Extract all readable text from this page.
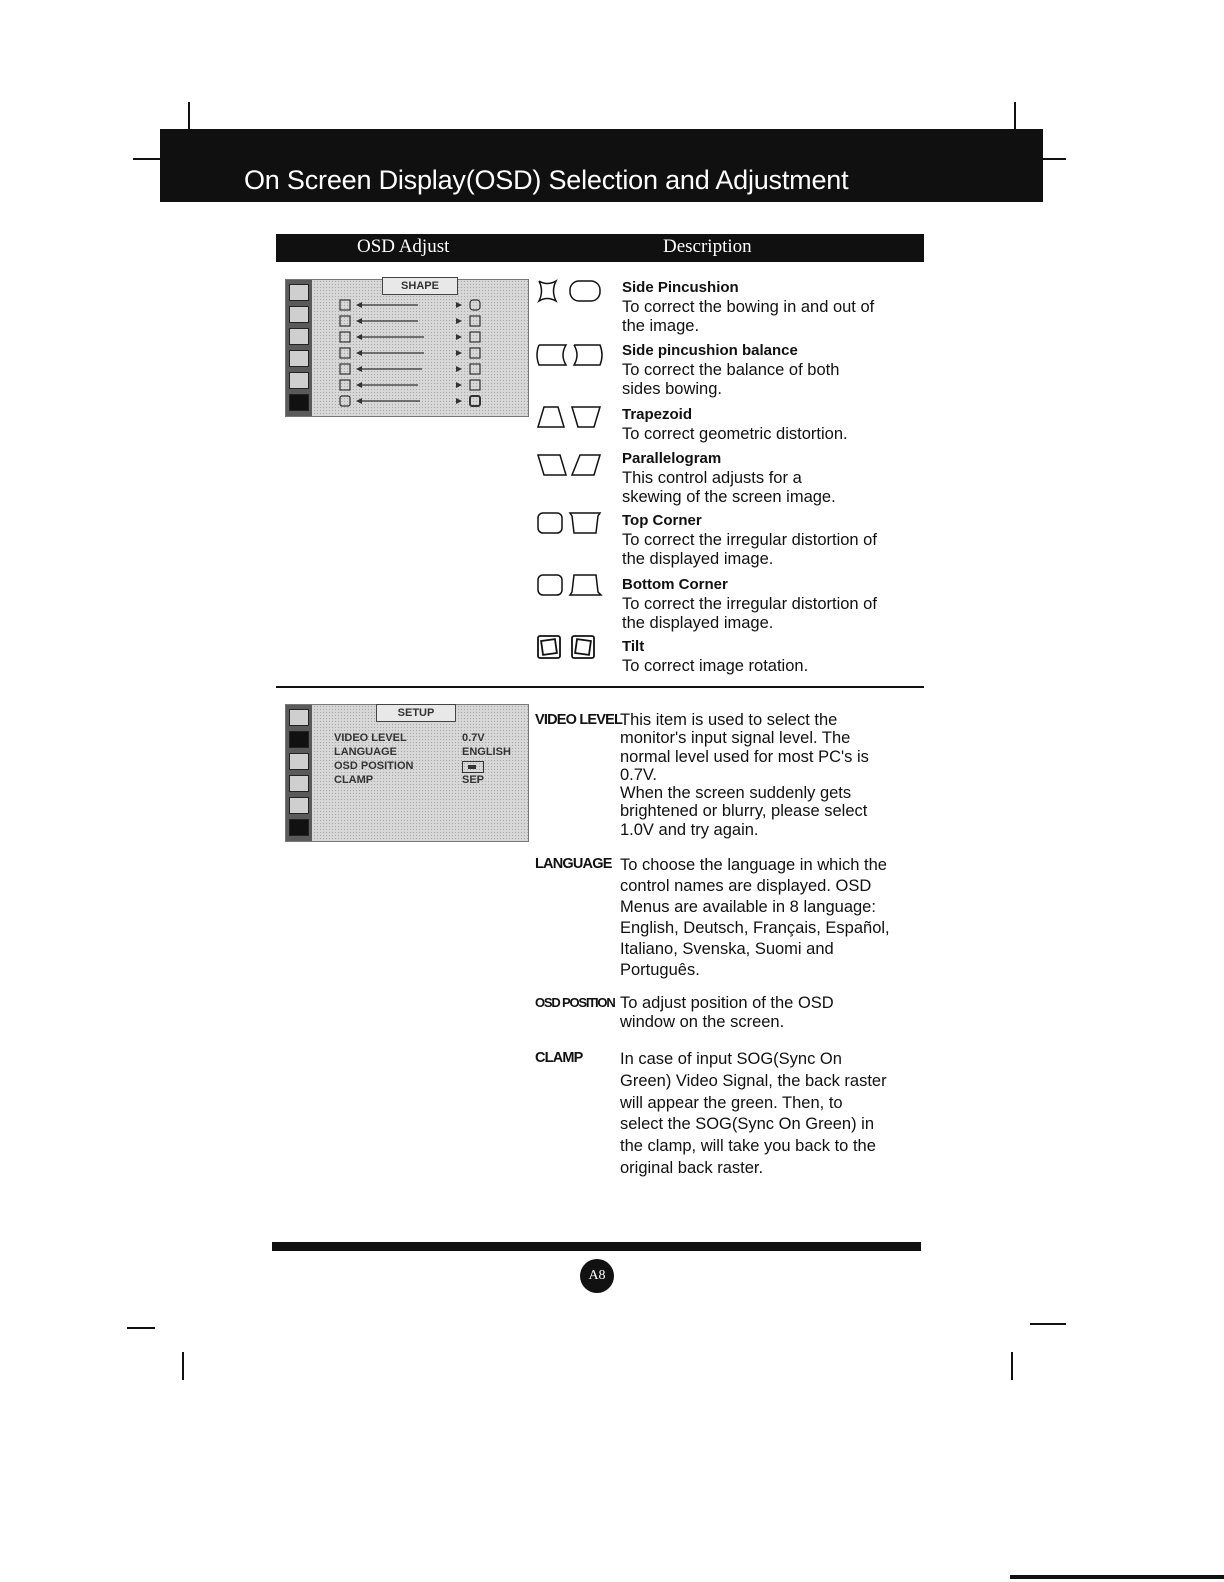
On Screen Display(OSD) Selection and Adjustment
OSD Adjust	Description
SHAPE	Side Pincushion
To correct the bowing in and out of the image.
Side pincushion balance
To correct the balance of both sides bowing.
Trapezoid
To correct geometric distortion.
Parallelogram
This control adjusts for a skewing of the screen image.
Top Corner
To correct the irregular distortion of the displayed image.
Bottom Corner
To correct the irregular distortion of the displayed image.
Tilt
To correct image rotation.
SETUP
VIDEO LEVEL	0.7V
LANGUAGE	ENGLISH
OSD POSITION
CLAMP	SEP
VIDEO LEVEL
This item is used to select the monitor's input signal level. The normal level used for most PC's is 0.7V.
When the screen suddenly gets brightened or blurry, please select 1.0V and try again.
LANGUAGE To choose the language in which the control names are displayed. OSD Menus are available in 8 language: English, Deutsch, Français, Español, Italiano, Svenska, Suomi and Português.
OSD POSITION To adjust position of the OSD window on the screen.
CLAMP In case of input SOG(Sync On Green) Video Signal, the back raster will appear the green. Then, to select the SOG(Sync On Green) in the clamp, will take you back to the original back raster.
A8
